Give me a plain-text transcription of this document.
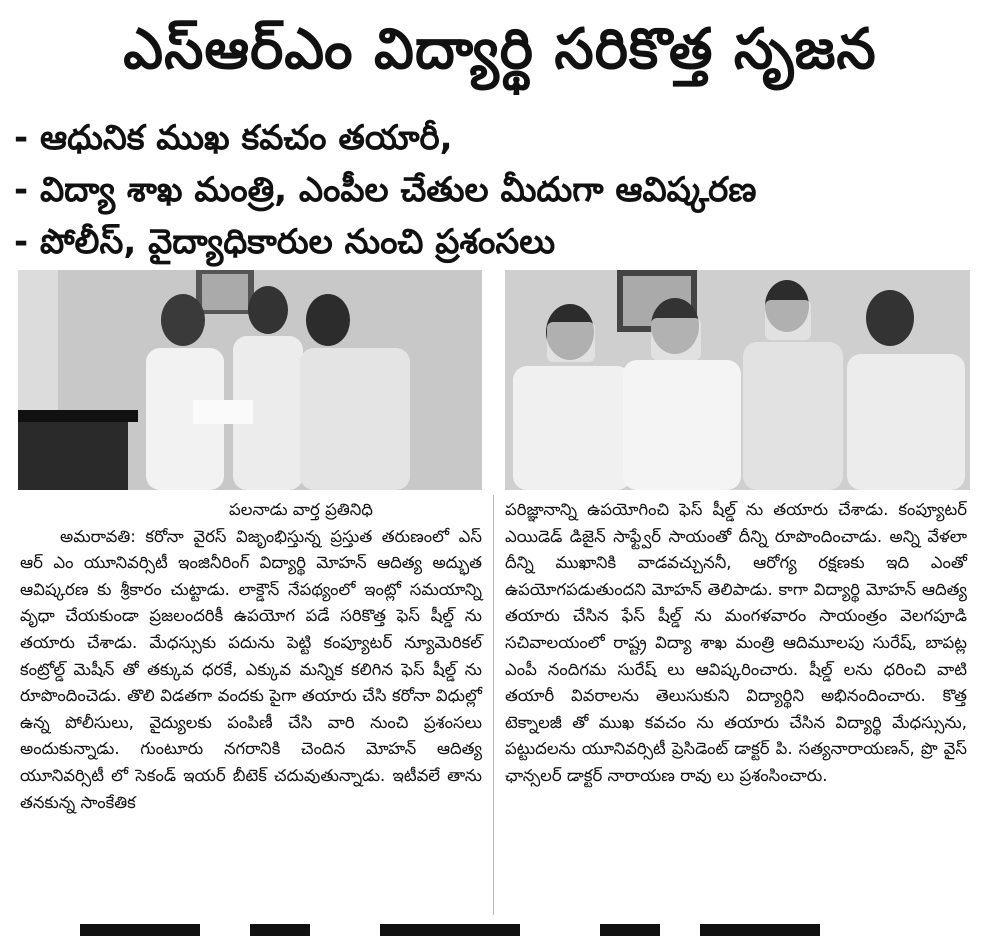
ఎస్‌ఆర్‌ఎం విద్యార్థి సరికొత్త సృజన
- ఆధునిక ముఖ కవచం తయారీ,
- విద్యా శాఖ మంత్రి, ఎంపీల చేతుల మీదుగా ఆవిష్కరణ
- పోలీస్, వైద్యాధికారుల నుంచి ప్రశంసలు
పలనాడు వార్త ప్రతినిధి
అమరావతి: కరోనా వైరస్ విజృంభిస్తున్న ప్రస్తుత తరుణంలో ఎస్ ఆర్ ఎం యూనివర్సిటీ ఇంజినీరింగ్ విద్యార్థి మోహన్ ఆదిత్య అద్భుత ఆవిష్కరణ కు శ్రీకారం చుట్టాడు. లాక్డౌన్ నేపథ్యంలో ఇంట్లో సమయాన్ని వృధా చేయకుండా ప్రజలందరికీ ఉపయోగ పడే సరికొత్త ఫెస్ షీల్డ్ ను తయారు చేశాడు. మేధస్సుకు పదును పెట్టి కంప్యూటర్ న్యూమెరికల్ కంట్రోల్డ్ మెషీన్ తో తక్కువ ధరకే, ఎక్కువ మన్నిక కలిగిన ఫెస్ షీల్డ్ ను రూపొందించెడు. తొలి విడతగా వందకు పైగా తయారు చేసి కరోనా విధుల్లో ఉన్న పోలీసులు, వైద్యులకు పంపిణీ చేసి వారి నుంచి ప్రశంసలు అందుకున్నాడు. గుంటూరు నగరానికి చెందిన మోహన్ ఆదిత్య యూనివర్సిటీ లో సెకండ్ ఇయర్ బీటెక్ చదువుతున్నాడు. ఇటీవలే తాను తనకున్న సాంకేతిక
పరిజ్ఞానాన్ని ఉపయోగించి ఫెస్ షీల్డ్ ను తయారు చేశాడు. కంప్యూటర్ ఎయిడెడ్ డిజైన్ సాఫ్ట్వేర్ సాయంతో దీన్ని రూపొందించాడు. అన్ని వేళలా దీన్ని ముఖానికి వాడవచ్చుననీ, ఆరోగ్య రక్షణకు ఇది ఎంతో ఉపయోగపడుతుందని మోహన్ తెలిపాడు. కాగా విద్యార్థి మోహన్ ఆదిత్య తయారు చేసిన ఫేస్ షీల్డ్ ను మంగళవారం సాయంత్రం వెలగపూడి సచివాలయంలో రాష్ట్ర విద్యా శాఖ మంత్రి ఆదిమూలపు సురేష్, బాపట్ల ఎంపీ నందిగమ సురేష్ లు ఆవిష్కరించారు. షీల్డ్ లను ధరించి వాటి తయారీ వివరాలను తెలుసుకుని విద్యార్థిని అభినందించారు. కొత్త టెక్నాలజీ తో ముఖ కవచం ను తయారు చేసిన విద్యార్థి మేధస్సును, పట్టుదలను యూనివర్సిటీ ప్రెసిడెంట్ డాక్టర్ పి. సత్యనారాయణన్, ప్రొ వైస్ ఛాన్సలర్ డాక్టర్ నారాయణ రావు లు ప్రశంసించారు.
